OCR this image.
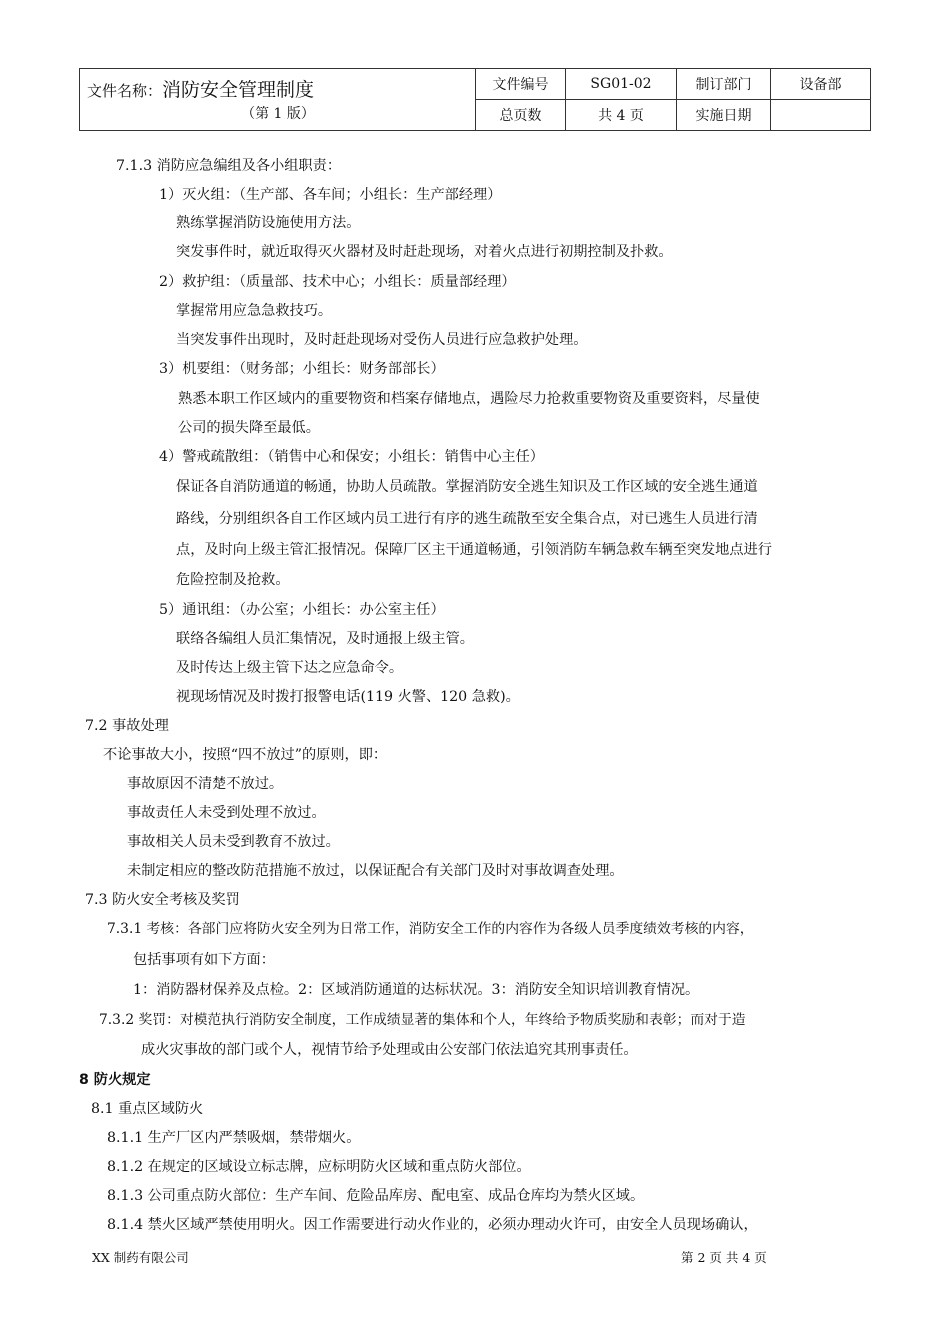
文件名称：消防安全管理制度
（第 1 版）
文件编号	SG01-02	制订部门	设备部
总页数	共 4 页	实施日期
7.1.3 消防应急编组及各小组职责：
1）灭火组：（生产部、各车间；小组长：生产部经理）
熟练掌握消防设施使用方法。
突发事件时，就近取得灭火器材及时赶赴现场，对着火点进行初期控制及扑救。
2）救护组：（质量部、技术中心；小组长：质量部经理）
掌握常用应急急救技巧。
当突发事件出现时，及时赶赴现场对受伤人员进行应急救护处理。
3）机要组：（财务部；小组长：财务部部长）
熟悉本职工作区域内的重要物资和档案存储地点，遇险尽力抢救重要物资及重要资料，尽量使
公司的损失降至最低。
4）警戒疏散组：（销售中心和保安；小组长：销售中心主任）
保证各自消防通道的畅通，协助人员疏散。掌握消防安全逃生知识及工作区域的安全逃生通道
路线，分别组织各自工作区域内员工进行有序的逃生疏散至安全集合点，对已逃生人员进行清
点，及时向上级主管汇报情况。保障厂区主干通道畅通，引领消防车辆急救车辆至突发地点进行
危险控制及抢救。
5）通讯组：（办公室；小组长：办公室主任）
联络各编组人员汇集情况，及时通报上级主管。
及时传达上级主管下达之应急命令。
视现场情况及时拨打报警电话(119 火警、120 急救)。
7.2 事故处理
不论事故大小，按照“四不放过”的原则，即：
事故原因不清楚不放过。
事故责任人未受到处理不放过。
事故相关人员未受到教育不放过。
未制定相应的整改防范措施不放过，以保证配合有关部门及时对事故调查处理。
7.3 防火安全考核及奖罚
7.3.1 考核：各部门应将防火安全列为日常工作，消防安全工作的内容作为各级人员季度绩效考核的内容，
包括事项有如下方面：
1：消防器材保养及点检。2：区域消防通道的达标状况。3：消防安全知识培训教育情况。
7.3.2 奖罚：对模范执行消防安全制度，工作成绩显著的集体和个人，年终给予物质奖励和表彰；而对于造
成火灾事故的部门或个人，视情节给予处理或由公安部门依法追究其刑事责任。
8 防火规定
8.1 重点区域防火
8.1.1 生产厂区内严禁吸烟，禁带烟火。
8.1.2 在规定的区域设立标志牌，应标明防火区域和重点防火部位。
8.1.3 公司重点防火部位：生产车间、危险品库房、配电室、成品仓库均为禁火区域。
8.1.4 禁火区域严禁使用明火。因工作需要进行动火作业的，必须办理动火许可，由安全人员现场确认，
XX 制药有限公司	第 2 页 共 4 页
